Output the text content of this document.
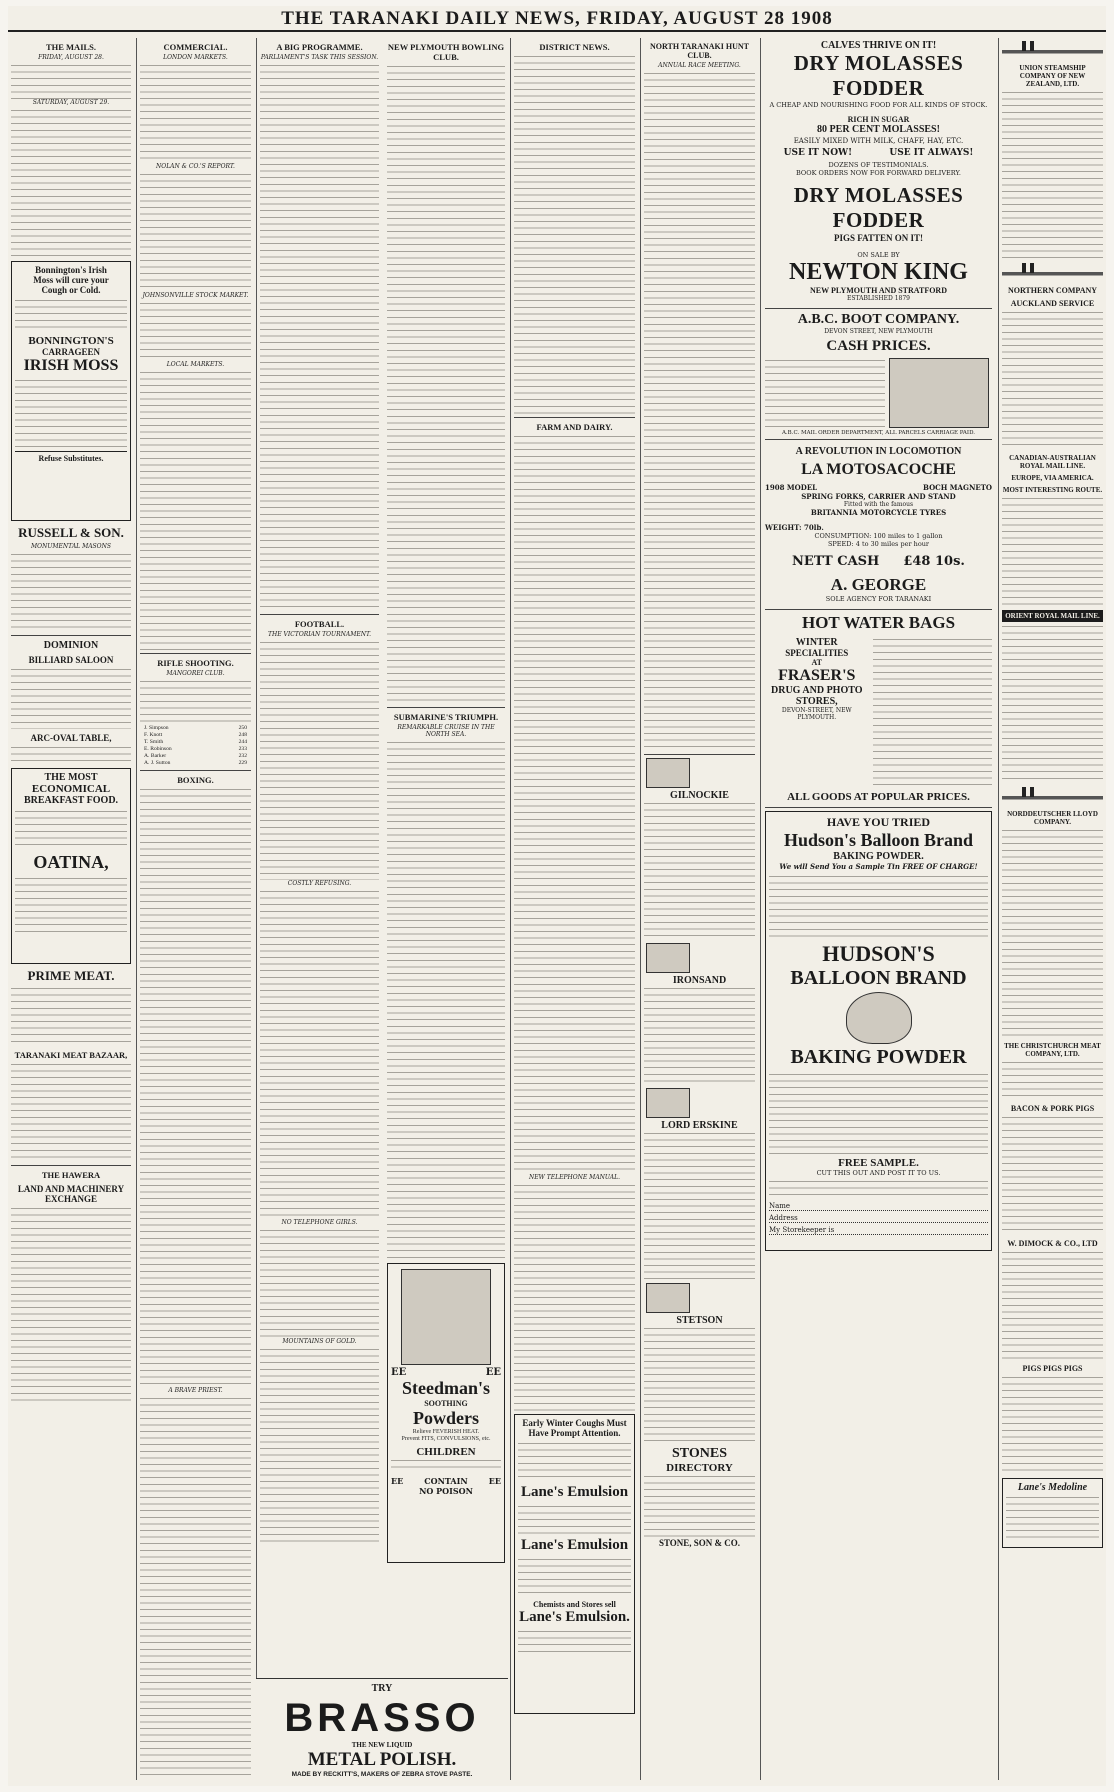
THE TARANAKI DAILY NEWS, FRIDAY, AUGUST 28 1908
THE MAILS.
FRIDAY, AUGUST 28.
SATURDAY, AUGUST 29.
Bonnington's Irish
Moss will cure your
Cough or Cold.
BONNINGTON'S
CARRAGEEN
IRISH MOSS
Refuse Substitutes.
RUSSELL & SON.
MONUMENTAL MASONS
DOMINION
BILLIARD SALOON
ARC-OVAL TABLE,
THE MOST
ECONOMICAL
BREAKFAST FOOD.
OATINA,
PRIME MEAT.
TARANAKI MEAT BAZAAR,
THE HAWERA
LAND AND MACHINERY EXCHANGE
COMMERCIAL.
LONDON MARKETS.
NOLAN & CO.'S REPORT.
JOHNSONVILLE STOCK MARKET.
LOCAL MARKETS.
RIFLE SHOOTING.
MANGOREI CLUB.
J. Simpson	250
F. Knott	248
T. Smith	244
E. Robinson	233
A. Barker	232
A. J. Sutton	229
BOXING.
A BRAVE PRIEST.
A BIG PROGRAMME.
PARLIAMENT'S TASK THIS SESSION.
FOOTBALL.
THE VICTORIAN TOURNAMENT.
COSTLY REFUSING.
NO TELEPHONE GIRLS.
MOUNTAINS OF GOLD.
TRY
BRASSO
THE NEW LIQUID
METAL POLISH.
MADE BY RECKITT'S, MAKERS OF ZEBRA STOVE PASTE.
NEW PLYMOUTH BOWLING CLUB.
SUBMARINE'S TRIUMPH.
REMARKABLE CRUISE IN THE NORTH SEA.
EE	EE
Steedman's
SOOTHING
Powders
Relieve FEVERISH HEAT.
Prevent FITS, CONVULSIONS, etc.
CHILDREN
EE	CONTAIN
NO POISON
EE
DISTRICT NEWS.
FARM AND DAIRY.
NEW TELEPHONE MANUAL.
Early Winter Coughs Must
Have Prompt Attention.
Lane's Emulsion
Lane's Emulsion
Chemists and Stores sell
Lane's Emulsion.
NORTH TARANAKI HUNT CLUB.
ANNUAL RACE MEETING.
GILNOCKIE
IRONSAND
LORD ERSKINE
STETSON
STONES
DIRECTORY
STONE, SON & CO.
CALVES THRIVE ON IT!
DRY MOLASSES FODDER
A CHEAP AND NOURISHING FOOD FOR ALL KINDS OF STOCK.
RICH IN SUGAR
80 PER CENT MOLASSES!
EASILY MIXED WITH MILK, CHAFF, HAY, ETC.
USE IT NOW!	USE IT ALWAYS!
DOZENS OF TESTIMONIALS.
BOOK ORDERS NOW FOR FORWARD DELIVERY.
DRY MOLASSES FODDER
PIGS FATTEN ON IT!
ON SALE BY
NEWTON KING
NEW PLYMOUTH AND STRATFORD
ESTABLISHED 1879
A.B.C. BOOT COMPANY.
DEVON STREET, NEW PLYMOUTH
CASH PRICES.
A.B.C. MAIL ORDER DEPARTMENT, ALL PARCELS CARRIAGE PAID.
A REVOLUTION IN LOCOMOTION
LA MOTOSACOCHE
1908 MODEL	BOCH MAGNETO
SPRING FORKS, CARRIER AND STAND
Fitted with the famous
BRITANNIA MOTORCYCLE TYRES
WEIGHT: 70lb.
CONSUMPTION: 100 miles to 1 gallon
SPEED: 4 to 30 miles per hour
NETT CASH £48 10s.
A. GEORGE
SOLE AGENCY FOR TARANAKI
HOT WATER BAGS
WINTER
SPECIALITIES
AT
FRASER'S
DRUG AND PHOTO
STORES,
DEVON-STREET, NEW PLYMOUTH.
ALL GOODS AT POPULAR PRICES.
HAVE YOU TRIED
Hudson's Balloon Brand
BAKING POWDER.
We will Send You a Sample Tin FREE OF CHARGE!
HUDSON'S
BALLOON BRAND
BAKING POWDER
FREE SAMPLE.
CUT THIS OUT AND POST IT TO US.
Name
Address
My Storekeeper is
UNION STEAMSHIP COMPANY OF NEW ZEALAND, LTD.
NORTHERN COMPANY
AUCKLAND SERVICE
CANADIAN-AUSTRALIAN ROYAL MAIL LINE.
EUROPE, VIA AMERICA.
MOST INTERESTING ROUTE.
ORIENT ROYAL MAIL LINE.
NORDDEUTSCHER LLOYD COMPANY.
THE CHRISTCHURCH MEAT COMPANY, LTD.
BACON & PORK PIGS
W. DIMOCK & CO., LTD
PIGS PIGS PIGS
Lane's Medoline
